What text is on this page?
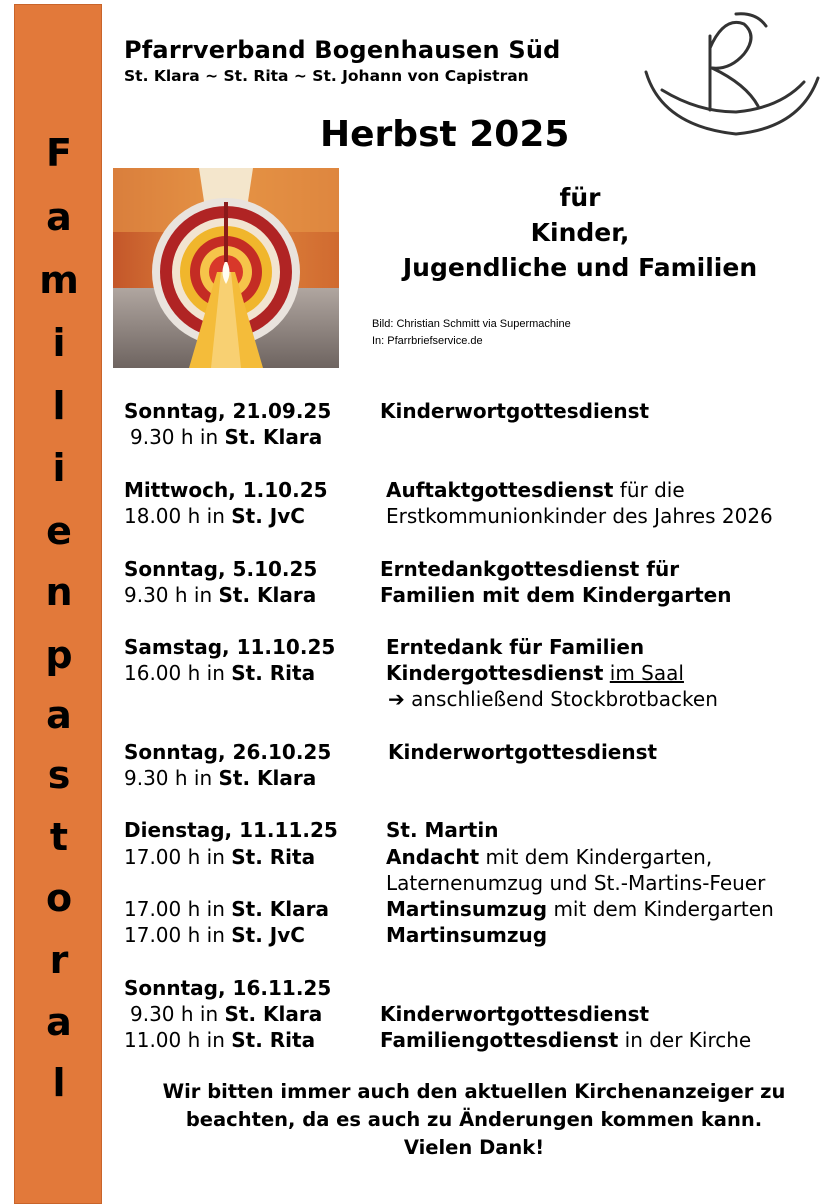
F
a
m
i
l
i
e
n
p
a
s
t
o
r
a
l
Pfarrverband Bogenhausen Süd
St. Klara ~ St. Rita ~ St. Johann von Capistran
Herbst 2025
für
Kinder,
Jugendliche und Familien
Bild: Christian Schmitt via Supermachine
In: Pfarrbriefservice.de
Sonntag, 21.09.25 Kinderwortgottesdienst
9.30 h in St. Klara
Mittwoch, 1.10.25	Auftaktgottesdienst für die
18.00 h in St. JvC	Erstkommunionkinder des Jahres 2026
Sonntag, 5.10.25	Erntedankgottesdienst für
9.30 h in St. Klara	Familien mit dem Kindergarten
Samstag, 11.10.25	Erntedank für Familien
16.00 h in St. Rita	Kindergottesdienst im Saal
➔ anschließend Stockbrotbacken
Sonntag, 26.10.25	Kinderwortgottesdienst
9.30 h in St. Klara
Dienstag, 11.11.25 St. Martin
17.00 h in St. Rita	Andacht mit dem Kindergarten,
Laternenumzug und St.-Martins-Feuer
17.00 h in St. Klara	Martinsumzug mit dem Kindergarten
17.00 h in St. JvC	Martinsumzug
Sonntag, 16.11.25
9.30 h in St. Klara	Kinderwortgottesdienst
11.00 h in St. Rita	Familiengottesdienst in der Kirche
Wir bitten immer auch den aktuellen Kirchenanzeiger zu
beachten, da es auch zu Änderungen kommen kann.
Vielen Dank!
